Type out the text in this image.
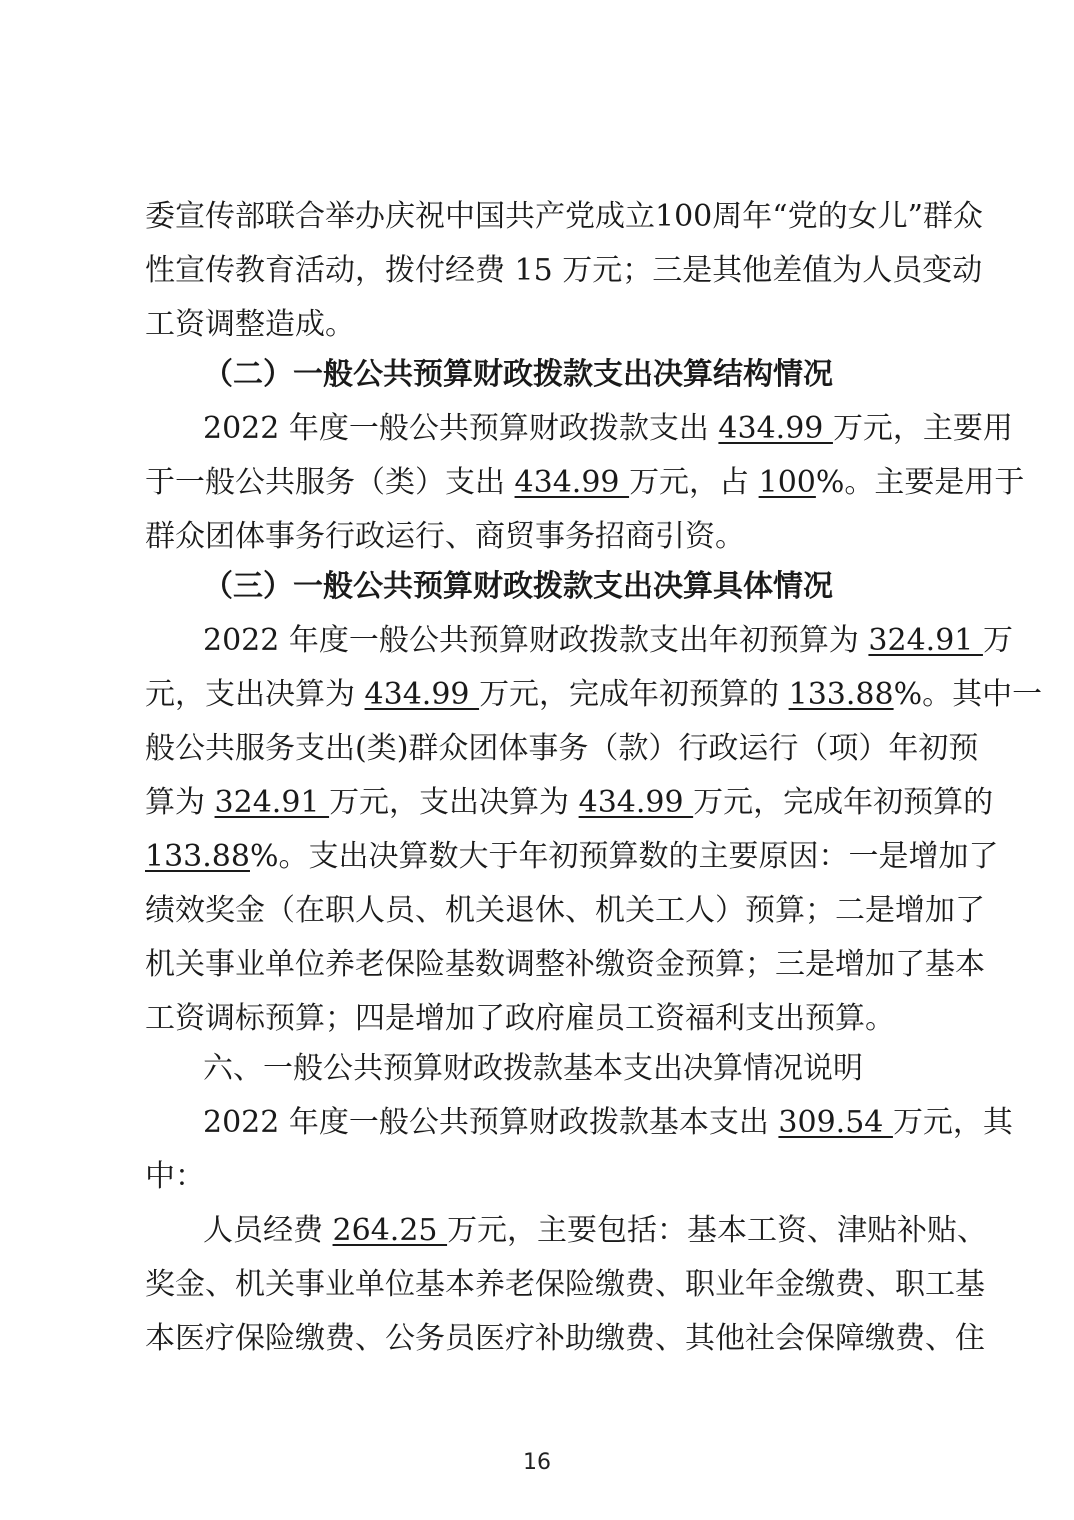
委宣传部联合举办庆祝中国共产党成立100周年“党的女儿”群众
性宣传教育活动，拨付经费 15 万元；三是其他差值为人员变动
工资调整造成。
（二）一般公共预算财政拨款支出决算结构情况
2022 年度一般公共预算财政拨款支出 434.99 万元，主要用
于一般公共服务（类）支出 434.99 万元，占 100%。主要是用于
群众团体事务行政运行、商贸事务招商引资。
（三）一般公共预算财政拨款支出决算具体情况
2022 年度一般公共预算财政拨款支出年初预算为 324.91 万
元，支出决算为 434.99 万元，完成年初预算的 133.88%。其中一
般公共服务支出(类)群众团体事务（款）行政运行（项）年初预
算为 324.91 万元，支出决算为 434.99 万元，完成年初预算的
133.88%。支出决算数大于年初预算数的主要原因：一是增加了
绩效奖金（在职人员、机关退休、机关工人）预算；二是增加了
机关事业单位养老保险基数调整补缴资金预算；三是增加了基本
工资调标预算；四是增加了政府雇员工资福利支出预算。
六、一般公共预算财政拨款基本支出决算情况说明
2022 年度一般公共预算财政拨款基本支出 309.54 万元，其
中：
人员经费 264.25 万元，主要包括：基本工资、津贴补贴、
奖金、机关事业单位基本养老保险缴费、职业年金缴费、职工基
本医疗保险缴费、公务员医疗补助缴费、其他社会保障缴费、住
16
